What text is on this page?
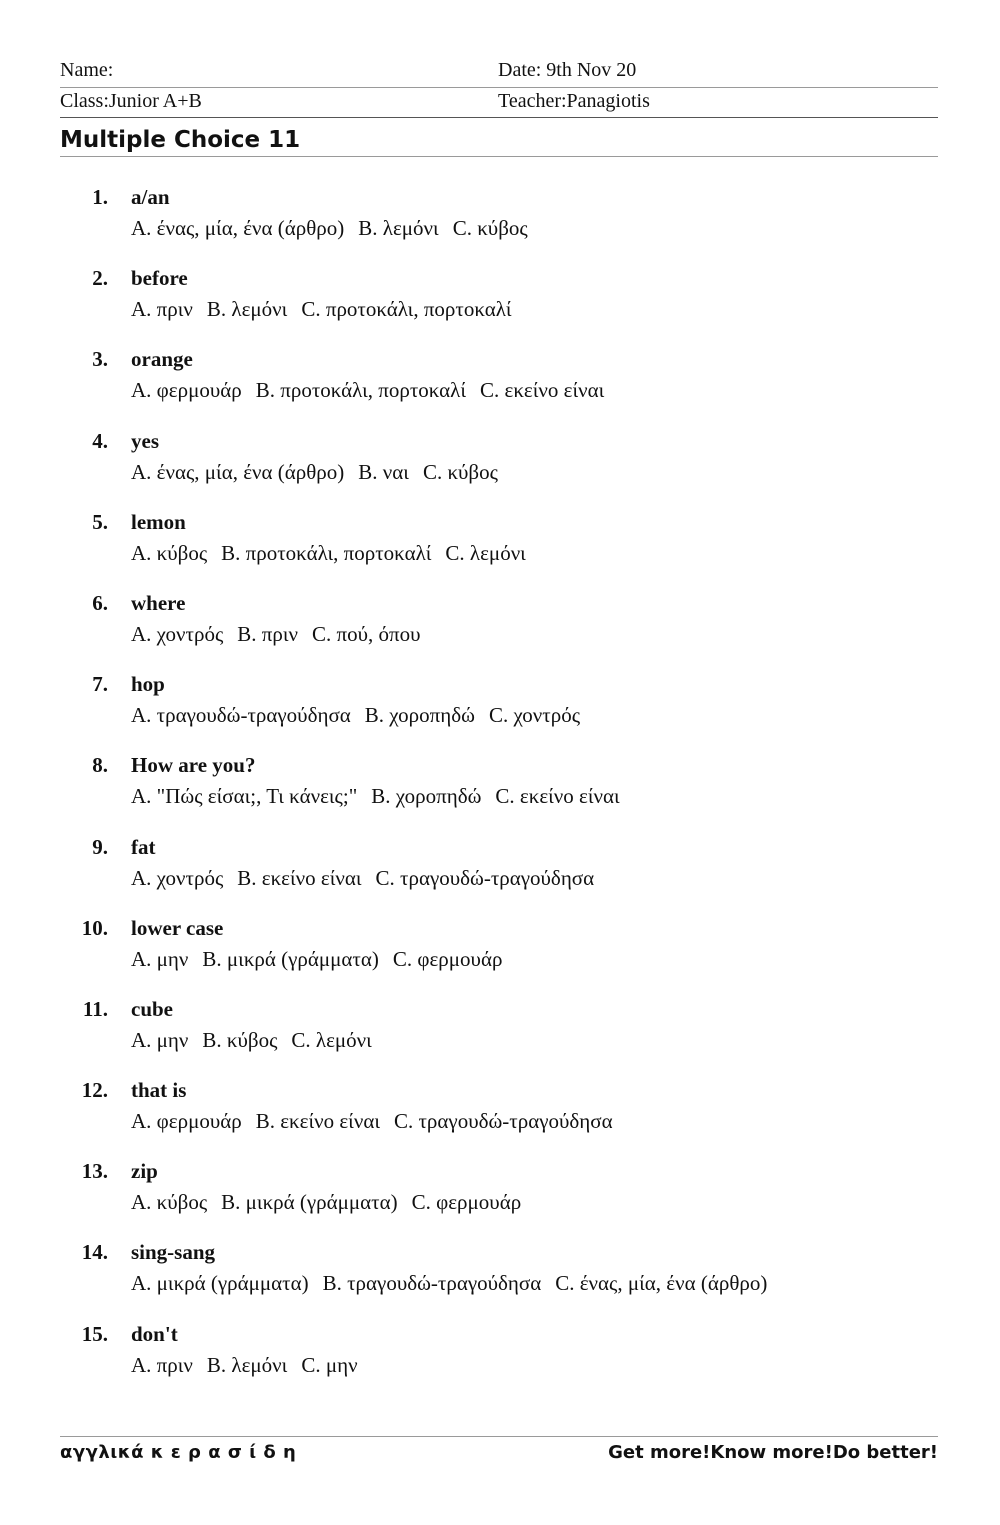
Name:	Date: 9th Nov 20
Class:Junior A+B	Teacher:Panagiotis
Multiple Choice 11
1. a/an
A. ένας, μία, ένα (άρθρο) B. λεμόνι C. κύβος
2. before
A. πριν B. λεμόνι C. προτοκάλι, πορτοκαλί
3. orange
A. φερμουάρ B. προτοκάλι, πορτοκαλί C. εκείνο είναι
4. yes
A. ένας, μία, ένα (άρθρο) B. ναι C. κύβος
5. lemon
A. κύβος B. προτοκάλι, πορτοκαλί C. λεμόνι
6. where
A. χοντρός B. πριν C. πού, όπου
7. hop
A. τραγουδώ-τραγούδησα B. χοροπηδώ C. χοντρός
8. How are you?
A. "Πώς είσαι;, Τι κάνεις;" B. χοροπηδώ C. εκείνο είναι
9. fat
A. χοντρός B. εκείνο είναι C. τραγουδώ-τραγούδησα
10. lower case
A. μην B. μικρά (γράμματα) C. φερμουάρ
11. cube
A. μην B. κύβος C. λεμόνι
12. that is
A. φερμουάρ B. εκείνο είναι C. τραγουδώ-τραγούδησα
13. zip
A. κύβος B. μικρά (γράμματα) C. φερμουάρ
14. sing-sang
A. μικρά (γράμματα) B. τραγουδώ-τραγούδησα C. ένας, μία, ένα (άρθρο)
15. don't
A. πριν B. λεμόνι C. μην
αγγλικά κ ε ρ α σ ί δ η	Get more!Know more!Do better!
